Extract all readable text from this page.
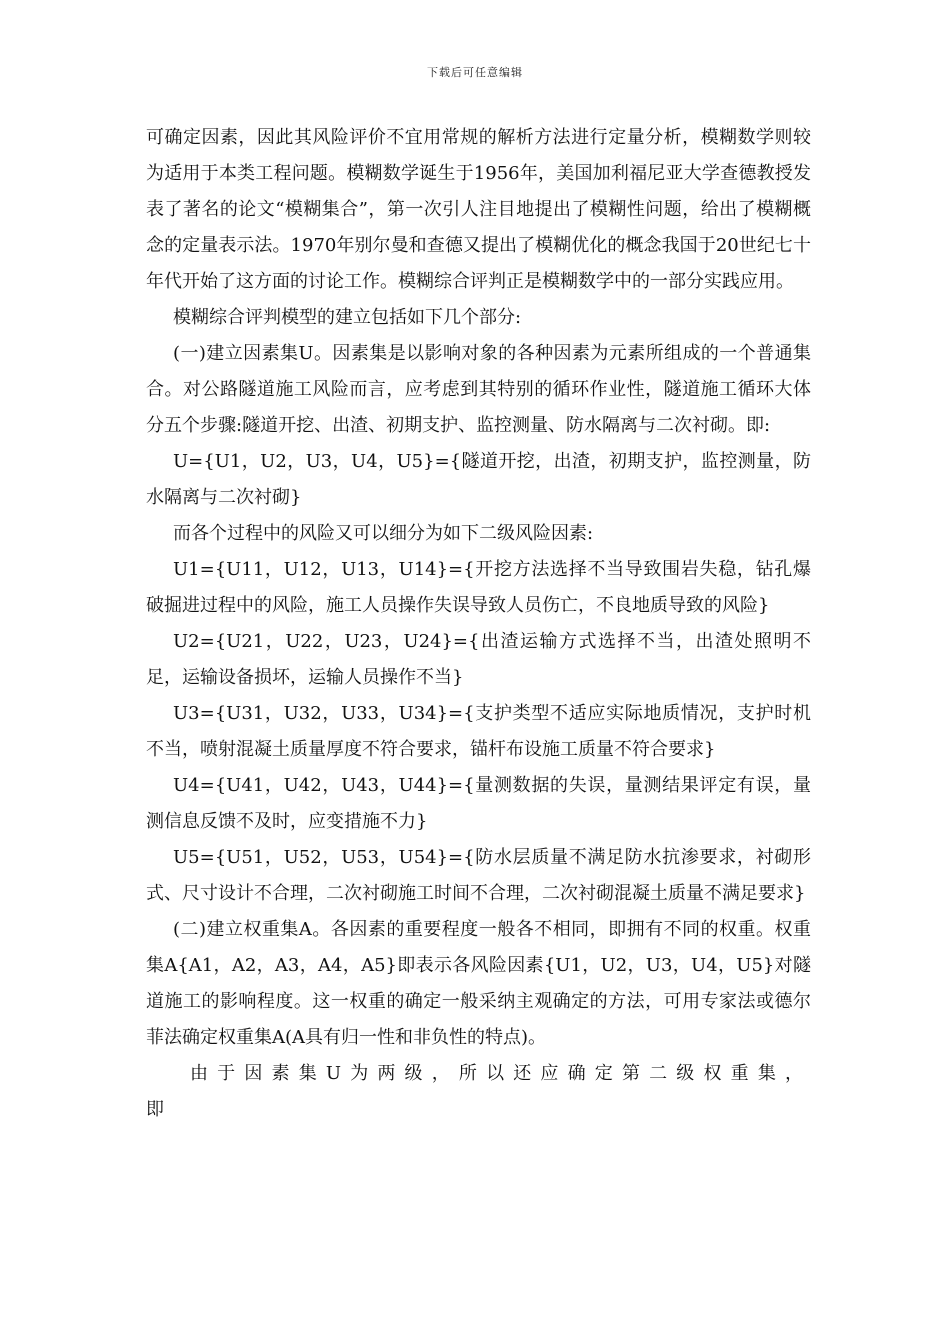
下载后可任意编辑

可确定因素，因此其风险评价不宜用常规的解析方法进行定量分析，模糊数学则较为适用于本类工程问题。模糊数学诞生于1956年，美国加利福尼亚大学查德教授发表了著名的论文“模糊集合”，第一次引人注目地提出了模糊性问题，给出了模糊概念的定量表示法。1970年别尔曼和查德又提出了模糊优化的概念我国于20世纪七十年代开始了这方面的讨论工作。模糊综合评判正是模糊数学中的一部分实践应用。

模糊综合评判模型的建立包括如下几个部分:

(一)建立因素集U。因素集是以影响对象的各种因素为元素所组成的一个普通集合。对公路隧道施工风险而言，应考虑到其特别的循环作业性，隧道施工循环大体分五个步骤:隧道开挖、出渣、初期支护、监控测量、防水隔离与二次衬砌。即:

U={U1，U2，U3，U4，U5}={隧道开挖，出渣，初期支护，监控测量，防水隔离与二次衬砌}

而各个过程中的风险又可以细分为如下二级风险因素:

U1={U11，U12，U13，U14}={开挖方法选择不当导致围岩失稳，钻孔爆破掘进过程中的风险，施工人员操作失误导致人员伤亡，不良地质导致的风险}

U2={U21，U22，U23，U24}={出渣运输方式选择不当，出渣处照明不足，运输设备损坏，运输人员操作不当}

U3={U31，U32，U33，U34}={支护类型不适应实际地质情况，支护时机不当，喷射混凝土质量厚度不符合要求，锚杆布设施工质量不符合要求}

U4={U41，U42，U43，U44}={量测数据的失误，量测结果评定有误，量测信息反馈不及时，应变措施不力}

U5={U51，U52，U53，U54}={防水层质量不满足防水抗渗要求，衬砌形式、尺寸设计不合理，二次衬砌施工时间不合理，二次衬砌混凝土质量不满足要求}

(二)建立权重集A。各因素的重要程度一般各不相同，即拥有不同的权重。权重集A{A1，A2，A3，A4，A5}即表示各风险因素{U1，U2，U3，U4，U5}对隧道施工的影响程度。这一权重的确定一般采纳主观确定的方法，可用专家法或德尔菲法确定权重集A(A具有归一性和非负性的特点)。

由于因素集U为两级，所以还应确定第二级权重集，即
